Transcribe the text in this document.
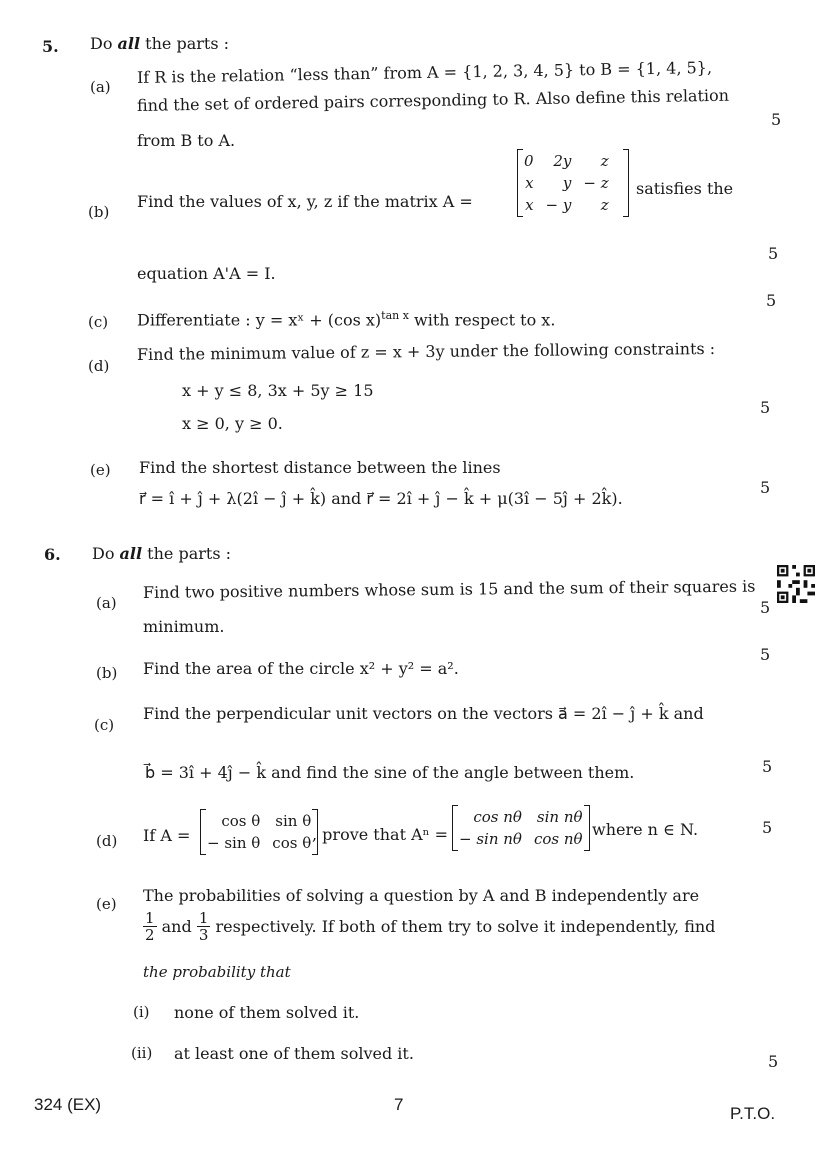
5. Do all the parts :
(a)
If R is the relation “less than” from A = {1, 2, 3, 4, 5} to B = {1, 4, 5},
find the set of ordered pairs corresponding to R. Also define this relation
from B to A.
5
(b)
Find the values of x, y, z if the matrix A =
0	2y	z
x	y	− z
x	− y	z
satisfies the
equation A'A = I.
5
(c) Differentiate : y = xˣ + (cos x)$^{tan x}$ with respect to x.
5
(d)
Find the minimum value of z = x + 3y under the following constraints :
x + y ≤ 8, 3x + 5y ≥ 15
x ≥ 0, y ≥ 0.
5
(e) Find the shortest distance between the lines
r⃗ = î + ĵ + λ(2î − ĵ + k̂) and r⃗ = 2î + ĵ − k̂ + μ(3î − 5ĵ + 2k̂).
5
6. Do all the parts :
(a)
Find two positive numbers whose sum is 15 and the sum of their squares is
minimum.
5
(b) Find the area of the circle x² + y² = a².
5
(c)
Find the perpendicular unit vectors on the vectors a⃗ = 2î − ĵ + k̂ and
b⃗ = 3î + 4ĵ − k̂ and find the sine of the angle between them.	5
(d) If A =
cos θ	sin θ
− sin θ	cos θ , prove that Aⁿ =
cos nθ	sin nθ
− sin nθ	cos nθ where n ∈ N.	5
(e) The probabilities of solving a question by A and B independently are
$\frac{1}{2}$ and $\frac{1}{3}$ respectively. If both of them try to solve it independently, find
the probability that
(i) none of them solved it.
(ii) at least one of them solved it.	5
324 (EX)	7	P.T.O.
